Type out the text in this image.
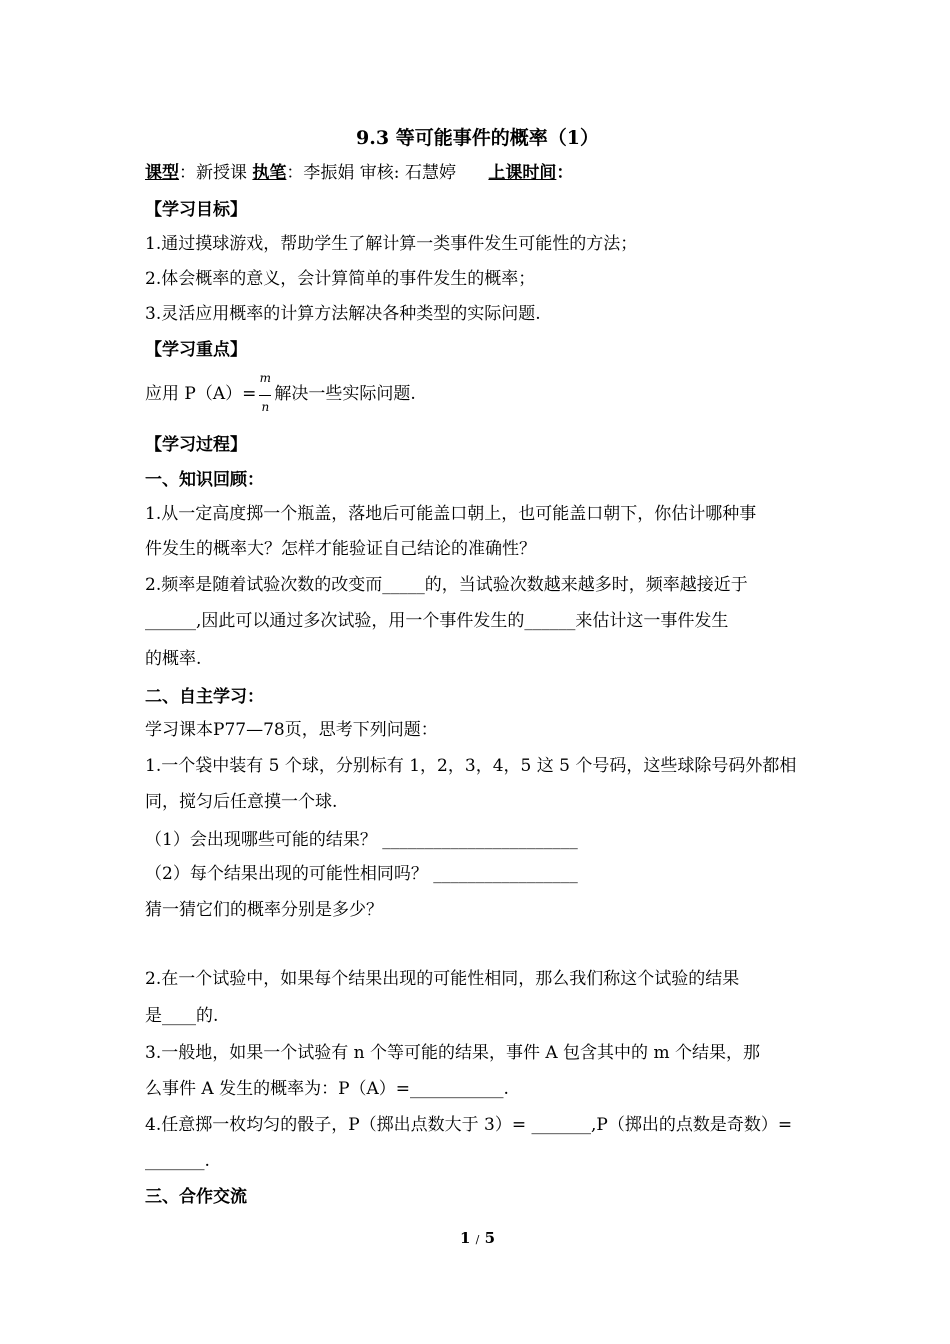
9.3 等可能事件的概率（1）
课型：新授课 执笔：李振娟 审核: 石慧婷 上课时间：
【学习目标】
1.通过摸球游戏，帮助学生了解计算一类事件发生可能性的方法；
2.体会概率的意义，会计算简单的事件发生的概率；
3.灵活应用概率的计算方法解决各种类型的实际问题.
【学习重点】
应用 $P(A)= \frac{m}{n}$ 解决一些实际问题.
【学习过程】
一、知识回顾：
1.从一定高度掷一个瓶盖，落地后可能盖口朝上，也可能盖口朝下，你估计哪种事
件发生的概率大？怎样才能验证自己结论的准确性？
2.频率是随着试验次数的改变而_____的，当试验次数越来越多时，频率越接近于
______,因此可以通过多次试验，用一个事件发生的______来估计这一事件发生
的概率.
二、自主学习：
学习课本P77—78页，思考下列问题：
1.一个袋中装有 5 个球，分别标有 1，2，3，4，5 这 5 个号码，这些球除号码外都相
同，搅匀后任意摸一个球.
（1）会出现哪些可能的结果？ _______________________
（2）每个结果出现的可能性相同吗？ _________________
猜一猜它们的概率分别是多少？
2.在一个试验中，如果每个结果出现的可能性相同，那么我们称这个试验的结果
是____的.
3.一般地，如果一个试验有 n 个等可能的结果，事件 A 包含其中的 m 个结果，那
么事件 A 发生的概率为：P（A）=___________.
4.任意掷一枚均匀的骰子，P（掷出点数大于 3）= _______,P（掷出的点数是奇数）=
_______.
三、合作交流
1 / 5
